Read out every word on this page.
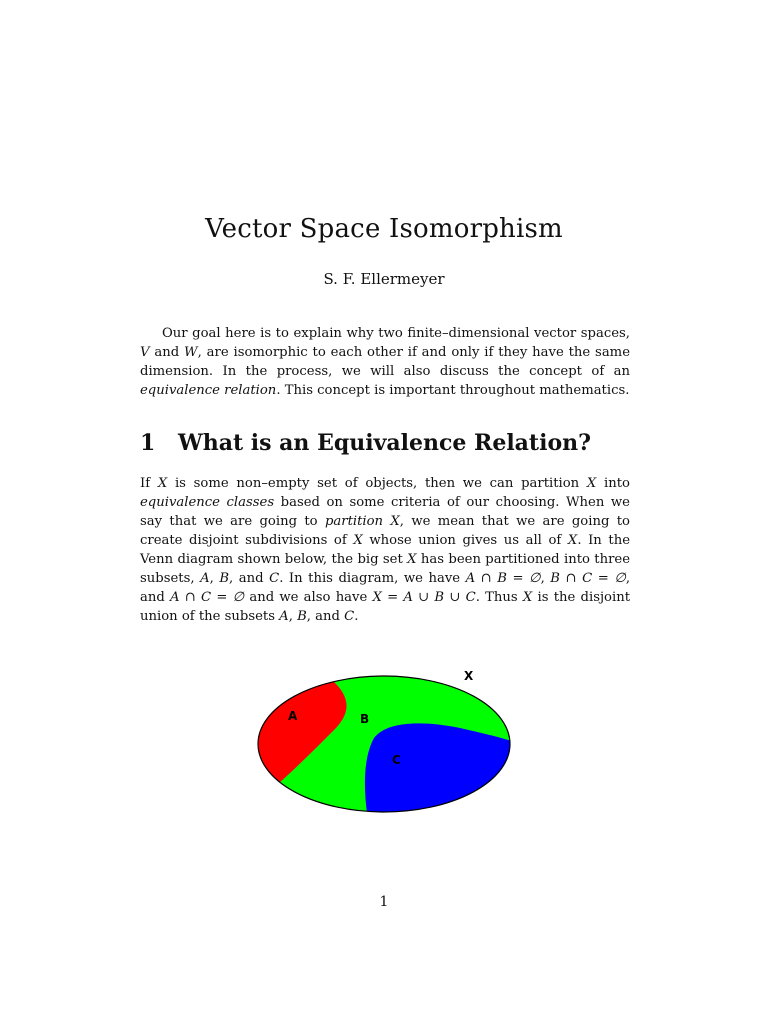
Vector Space Isomorphism

S. F. Ellermeyer

Our goal here is to explain why two finite–dimensional vector spaces, V and W, are isomorphic to each other if and only if they have the same dimension. In the process, we will also discuss the concept of an equivalence relation. This concept is important throughout mathematics.

1 What is an Equivalence Relation?

If X is some non–empty set of objects, then we can partition X into equivalence classes based on some criteria of our choosing. When we say that we are going to partition X, we mean that we are going to create disjoint subdivisions of X whose union gives us all of X. In the Venn diagram shown below, the big set X has been partitioned into three subsets, A, B, and C. In this diagram, we have A ∩ B = ∅, B ∩ C = ∅, and A ∩ C = ∅ and we also have X = A ∪ B ∪ C. Thus X is the disjoint union of the subsets A, B, and C.

X
A	B
C

1
